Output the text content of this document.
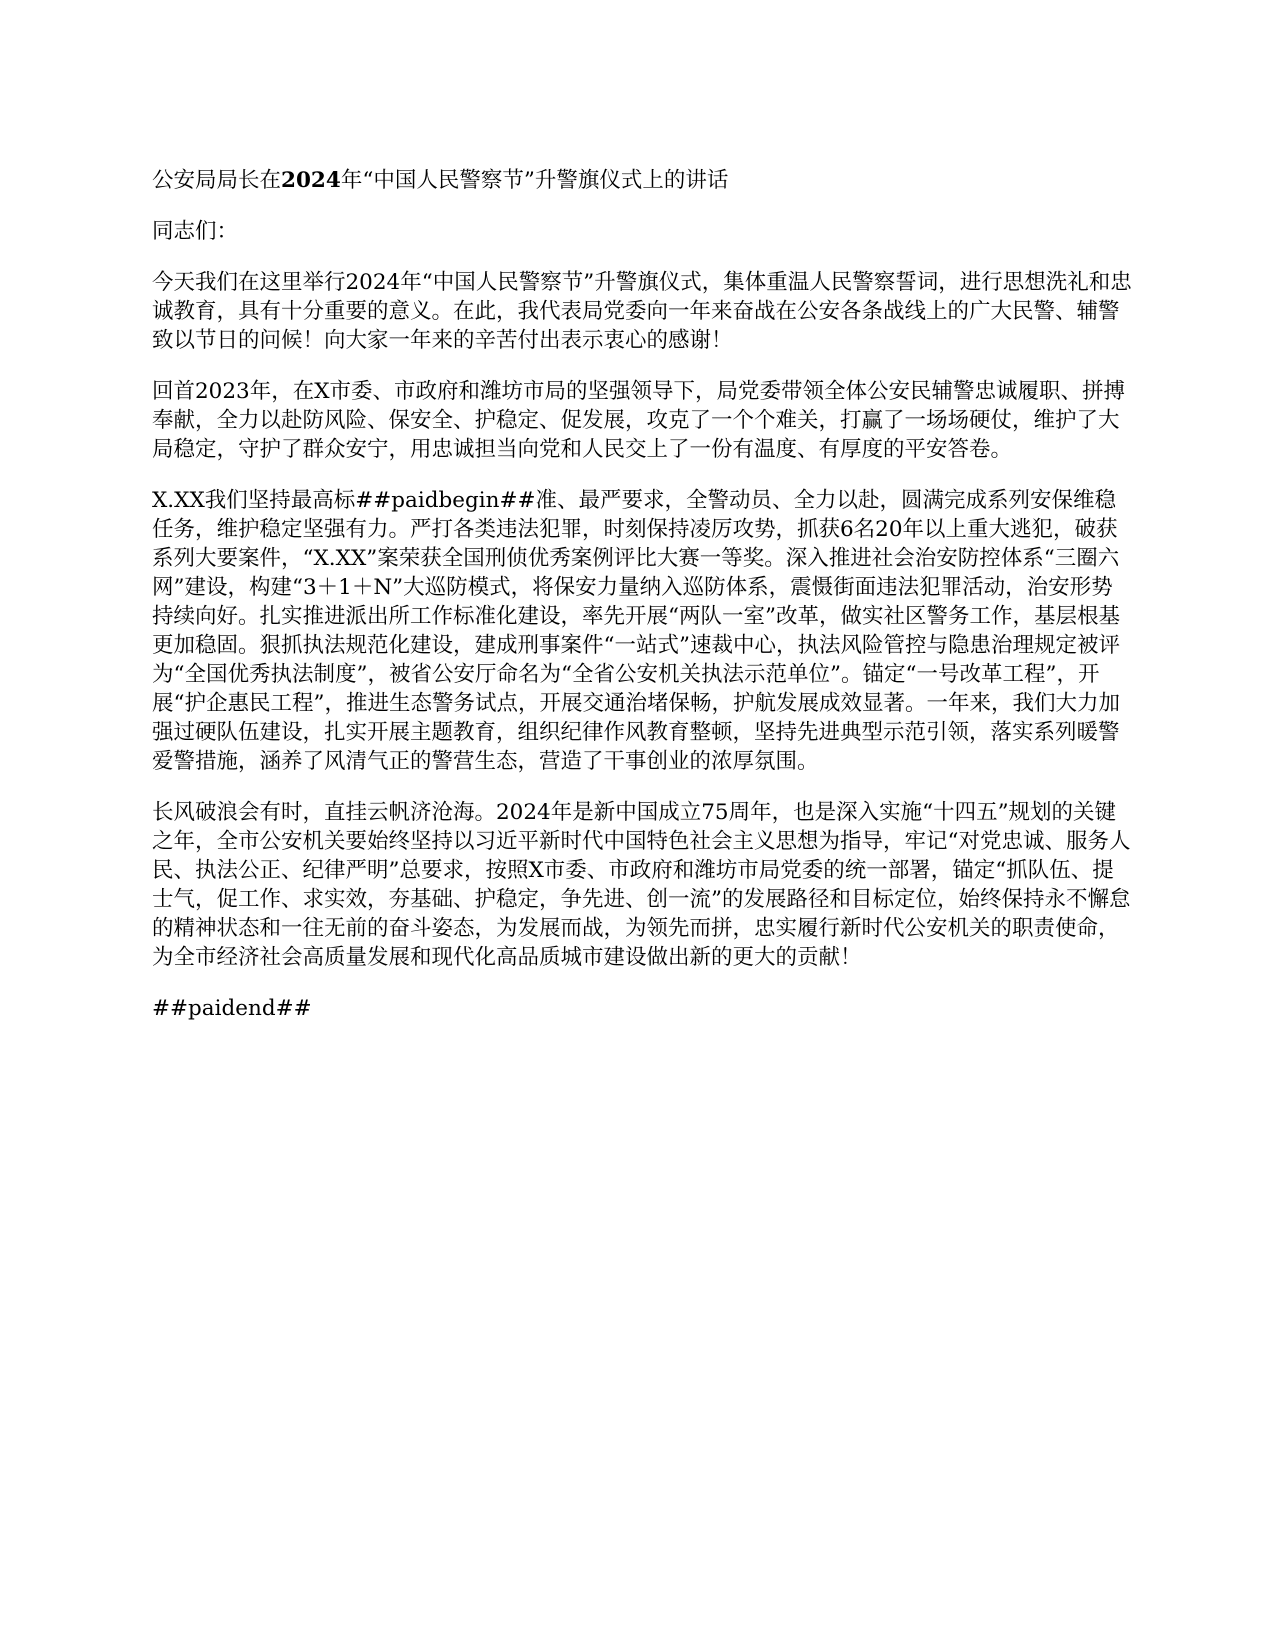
公安局局长在2024年“中国人民警察节”升警旗仪式上的讲话

同志们：

今天我们在这里举行2024年“中国人民警察节”升警旗仪式，集体重温人民警察誓词，进行思想洗礼和忠诚教育，具有十分重要的意义。在此，我代表局党委向一年来奋战在公安各条战线上的广大民警、辅警致以节日的问候！向大家一年来的辛苦付出表示衷心的感谢！

回首2023年，在X市委、市政府和潍坊市局的坚强领导下，局党委带领全体公安民辅警忠诚履职、拼搏奉献，全力以赴防风险、保安全、护稳定、促发展，攻克了一个个难关，打赢了一场场硬仗，维护了大局稳定，守护了群众安宁，用忠诚担当向党和人民交上了一份有温度、有厚度的平安答卷。

X.XX我们坚持最高标##paidbegin##准、最严要求，全警动员、全力以赴，圆满完成系列安保维稳任务，维护稳定坚强有力。严打各类违法犯罪，时刻保持凌厉攻势，抓获6名20年以上重大逃犯，破获系列大要案件，“X.XX”案荣获全国刑侦优秀案例评比大赛一等奖。深入推进社会治安防控体系“三圈六网”建设，构建“3＋1＋N”大巡防模式，将保安力量纳入巡防体系，震慑街面违法犯罪活动，治安形势持续向好。扎实推进派出所工作标准化建设，率先开展“两队一室”改革，做实社区警务工作，基层根基更加稳固。狠抓执法规范化建设，建成刑事案件“一站式”速裁中心，执法风险管控与隐患治理规定被评为“全国优秀执法制度”，被省公安厅命名为“全省公安机关执法示范单位”。锚定“一号改革工程”，开展“护企惠民工程”，推进生态警务试点，开展交通治堵保畅，护航发展成效显著。一年来，我们大力加强过硬队伍建设，扎实开展主题教育，组织纪律作风教育整顿，坚持先进典型示范引领，落实系列暖警爱警措施，涵养了风清气正的警营生态，营造了干事创业的浓厚氛围。

长风破浪会有时，直挂云帆济沧海。2024年是新中国成立75周年，也是深入实施“十四五”规划的关键之年，全市公安机关要始终坚持以习近平新时代中国特色社会主义思想为指导，牢记“对党忠诚、服务人民、执法公正、纪律严明”总要求，按照X市委、市政府和潍坊市局党委的统一部署，锚定“抓队伍、提士气，促工作、求实效，夯基础、护稳定，争先进、创一流”的发展路径和目标定位，始终保持永不懈怠的精神状态和一往无前的奋斗姿态，为发展而战，为领先而拼，忠实履行新时代公安机关的职责使命，为全市经济社会高质量发展和现代化高品质城市建设做出新的更大的贡献！

##paidend##
